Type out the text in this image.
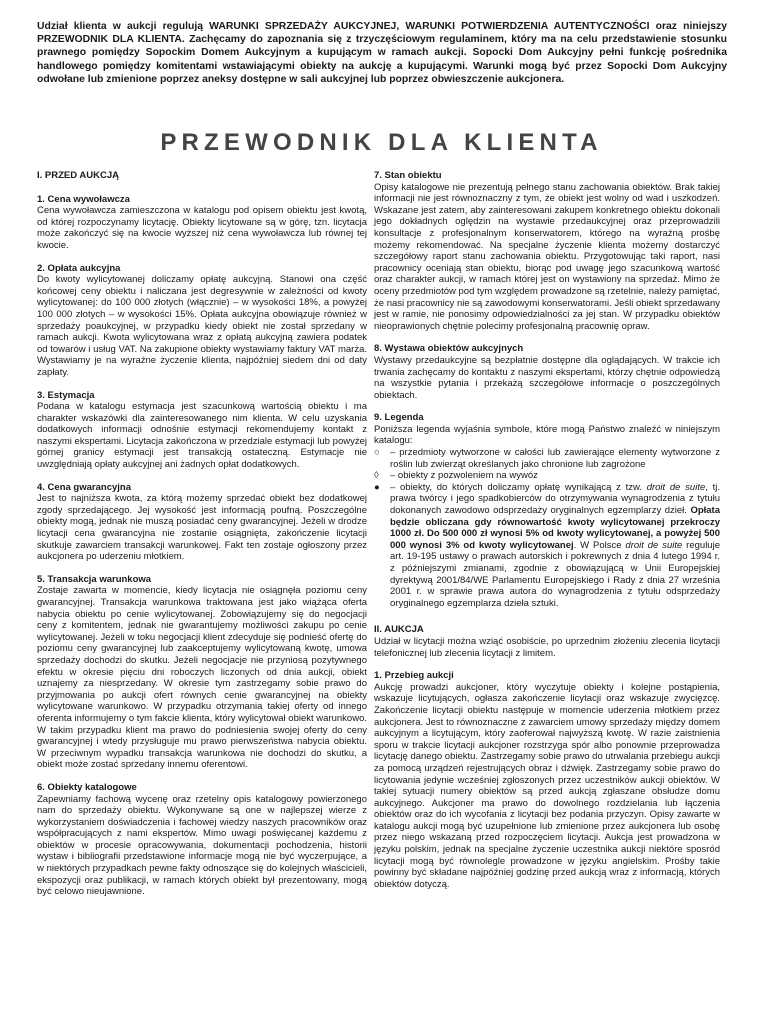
Udział klienta w aukcji regulują WARUNKI SPRZEDAŻY AUKCYJNEJ, WARUNKI POTWIERDZENIA AUTENTYCZNOŚCI oraz niniejszy PRZEWODNIK DLA KLIENTA. Zachęcamy do zapoznania się z trzyczęściowym regulaminem, który ma na celu przedstawienie stosunku prawnego pomiędzy Sopockim Domem Aukcyjnym a kupującym w ramach aukcji. Sopocki Dom Aukcyjny pełni funkcję pośrednika handlowego pomiędzy komitentami wstawiającymi obiekty na aukcję a kupującymi. Warunki mogą być przez Sopocki Dom Aukcyjny odwołane lub zmienione poprzez aneksy dostępne w sali aukcyjnej lub poprzez obwieszczenie aukcjonera.
PRZEWODNIK DLA KLIENTA
I. PRZED AUKCJĄ
1. Cena wywoławcza

Cena wywoławcza zamieszczona w katalogu pod opisem obiektu jest kwotą, od której rozpoczynamy licytację. Obiekty licytowane są w górę, tzn. licytacja może zakończyć się na kwocie wyższej niż cena wywoławcza lub równej tej kwocie.

2. Opłata aukcyjna

Do kwoty wylicytowanej doliczamy opłatę aukcyjną. Stanowi ona część końcowej ceny obiektu i naliczana jest degresywnie w zależności od kwoty wylicytowanej: do 100 000 złotych (włącznie) – w wysokości 18%, a powyżej 100 000 złotych – w wysokości 15%. Opłata aukcyjna obowiązuje również w sprzedaży poaukcyjnej, w przypadku kiedy obiekt nie został sprzedany w ramach aukcji. Kwota wylicytowana wraz z opłatą aukcyjną zawiera podatek od towarów i usług VAT. Na zakupione obiekty wystawiamy faktury VAT marża. Wystawiamy je na wyraźne życzenie klienta, najpóźniej siedem dni od daty zapłaty.

3. Estymacja

Podana w katalogu estymacja jest szacunkową wartością obiektu i ma charakter wskazówki dla zainteresowanego nim klienta. W celu uzyskania dodatkowych informacji odnośnie estymacji rekomendujemy kontakt z naszymi ekspertami. Licytacja zakończona w przedziale estymacji lub powyżej górnej granicy estymacji jest transakcją ostateczną. Estymacje nie uwzględniają opłaty aukcyjnej ani żadnych opłat dodatkowych.

4. Cena gwarancyjna

Jest to najniższa kwota, za którą możemy sprzedać obiekt bez dodatkowej zgody sprzedającego. Jej wysokość jest informacją poufną. Poszczególne obiekty mogą, jednak nie muszą posiadać ceny gwarancyjnej. Jeżeli w drodze licytacji cena gwarancyjna nie zostanie osiągnięta, zakończenie licytacji skutkuje zawarciem transakcji warunkowej. Fakt ten zostaje ogłoszony przez aukcjonera po uderzeniu młotkiem.

5. Transakcja warunkowa

Zostaje zawarta w momencie, kiedy licytacja nie osiągnęła poziomu ceny gwarancyjnej. Transakcja warunkowa traktowana jest jako wiążąca oferta nabycia obiektu po cenie wylicytowanej. Zobowiązujemy się do negocjacji ceny z komitentem, jednak nie gwarantujemy możliwości zakupu po cenie wylicytowanej. Jeżeli w toku negocjacji klient zdecyduje się podnieść ofertę do poziomu ceny gwarancyjnej lub zaakceptujemy wylicytowaną kwotę, umowa sprzedaży dochodzi do skutku. Jeżeli negocjacje nie przyniosą pozytywnego efektu w okresie pięciu dni roboczych liczonych od dnia aukcji, obiekt uznajemy za niesprzedany. W okresie tym zastrzegamy sobie prawo do przyjmowania po aukcji ofert równych cenie gwarancyjnej na obiekty wylicytowane warunkowo. W przypadku otrzymania takiej oferty od innego oferenta informujemy o tym fakcie klienta, który wylicytował obiekt warunkowo. W takim przypadku klient ma prawo do podniesienia swojej oferty do ceny gwarancyjnej i wtedy przysługuje mu prawo pierwszeństwa nabycia obiektu. W przeciwnym wypadku transakcja warunkowa nie dochodzi do skutku, a obiekt może zostać sprzedany innemu oferentowi.

6. Obiekty katalogowe

Zapewniamy fachową wycenę oraz rzetelny opis katalogowy powierzonego nam do sprzedaży obiektu. Wykonywane są one w najlepszej wierze z wykorzystaniem doświadczenia i fachowej wiedzy naszych pracowników oraz współpracujących z nami ekspertów. Mimo uwagi poświęcanej każdemu z obiektów w procesie opracowywania, dokumentacji pochodzenia, historii wystaw i bibliografii przedstawione informacje mogą nie być wyczerpujące, a w niektórych przypadkach pewne fakty odnoszące się do kolejnych właścicieli, ekspozycji oraz publikacji, w ramach których obiekt był prezentowany, mogą być celowo nieujawnione.

7. Stan obiektu

Opisy katalogowe nie prezentują pełnego stanu zachowania obiektów. Brak takiej informacji nie jest równoznaczny z tym, że obiekt jest wolny od wad i uszkodzeń. Wskazane jest zatem, aby zainteresowani zakupem konkretnego obiektu dokonali jego dokładnych oględzin na wystawie przedaukcyjnej oraz przeprowadzili konsultacje z profesjonalnym konserwatorem, którego na wyraźną prośbę możemy rekomendować. Na specjalne życzenie klienta możemy dostarczyć szczegółowy raport stanu zachowania obiektu. Przygotowując taki raport, nasi pracownicy oceniają stan obiektu, biorąc pod uwagę jego szacunkową wartość oraz charakter aukcji, w ramach której jest on wystawiony na sprzedaż. Mimo że oceny przedmiotów pod tym względem prowadzone są rzetelnie, należy pamiętać, że nasi pracownicy nie są zawodowymi konserwatorami. Jeśli obiekt sprzedawany jest w ramie, nie ponosimy odpowiedzialności za jej stan. W przypadku obiektów nieoprawionych chętnie polecimy profesjonalną pracownię opraw.

8. Wystawa obiektów aukcyjnych

Wystawy przedaukcyjne są bezpłatnie dostępne dla oglądających. W trakcie ich trwania zachęcamy do kontaktu z naszymi ekspertami, którzy chętnie odpowiedzą na wszystkie pytania i przekażą szczegółowe informacje o poszczególnych obiektach.

9. Legenda

Poniższa legenda wyjaśnia symbole, które mogą Państwo znaleźć w niniejszym katalogu:

○	– przedmioty wytworzone w całości lub zawierające elementy wytworzone z roślin lub zwierząt określanych jako chronione lub zagrożone
◊	– obiekty z pozwoleniem na wywóz
●	– obiekty, do których doliczamy opłatę wynikającą z tzw. droit de suite, tj. prawa twórcy i jego spadkobierców do otrzymywania wynagrodzenia z tytułu dokonanych zawodowo odsprzedaży oryginalnych egzemplarzy dzieł. Opłata będzie obliczana gdy równowartość kwoty wylicytowanej przekroczy 1000 zł. Do 500 000 zł wynosi 5% od kwoty wylicytowanej, a powyżej 500 000 wynosi 3% od kwoty wylicytowanej. W Polsce droit de suite reguluje art. 19-195 ustawy o prawach autorskich i pokrewnych z dnia 4 lutego 1994 r. z późniejszymi zmianami, zgodnie z obowiązującą w Unii Europejskiej dyrektywą 2001/84/WE Parlamentu Europejskiego i Rady z dnia 27 września 2001 r. w sprawie prawa autora do wynagrodzenia z tytułu odsprzedaży oryginalnego egzemplarza dzieła sztuki.
II. AUKCJA

Udział w licytacji można wziąć osobiście, po uprzednim złożeniu zlecenia licytacji telefonicznej lub zlecenia licytacji z limitem.

1. Przebieg aukcji

Aukcję prowadzi aukcjoner, który wyczytuje obiekty i kolejne postąpienia, wskazuje licytujących, ogłasza zakończenie licytacji oraz wskazuje zwycięzcę. Zakończenie licytacji obiektu następuje w momencie uderzenia młotkiem przez aukcjonera. Jest to równoznaczne z zawarciem umowy sprzedaży między domem aukcyjnym a licytującym, który zaoferował najwyższą kwotę. W razie zaistnienia sporu w trakcie licytacji aukcjoner rozstrzyga spór albo ponownie przeprowadza licytację danego obiektu. Zastrzegamy sobie prawo do utrwalania przebiegu aukcji za pomocą urządzeń rejestrujących obraz i dźwięk. Zastrzegamy sobie prawo do licytowania jedynie wcześniej zgłoszonych przez uczestników aukcji obiektów. W takiej sytuacji numery obiektów są przed aukcją zgłaszane obsłudze domu aukcyjnego. Aukcjoner ma prawo do dowolnego rozdzielania lub łączenia obiektów oraz do ich wycofania z licytacji bez podania przyczyn. Opisy zawarte w katalogu aukcji mogą być uzupełnione lub zmienione przez aukcjonera lub osobę przez niego wskazaną przed rozpoczęciem licytacji. Aukcja jest prowadzona w języku polskim, jednak na specjalne życzenie uczestnika aukcji niektóre sposród licytacji mogą być równolegle prowadzone w języku angielskim. Prośby takie powinny być składane najpóźniej godzinę przed aukcją wraz z informacją, których obiektów dotyczą.
